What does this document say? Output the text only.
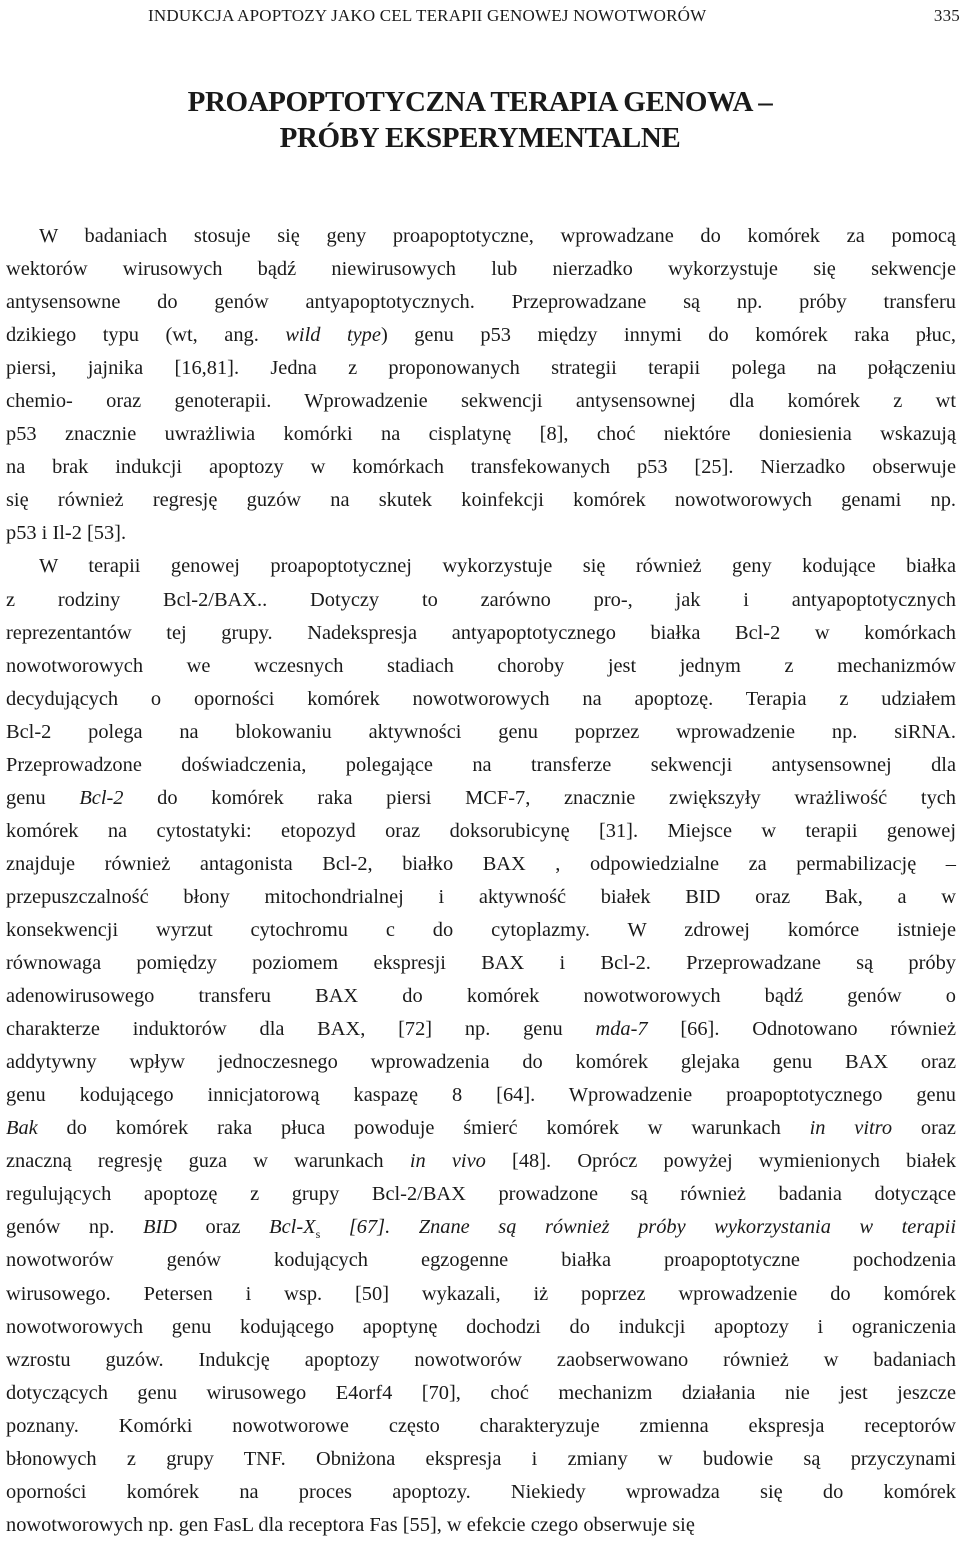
INDUKCJA APOPTOZY JAKO CEL TERAPII GENOWEJ NOWOTWORÓW	335
PROAPOPTOTYCZNA TERAPIA GENOWA –
PRÓBY EKSPERYMENTALNE
W badaniach stosuje się geny proapoptotyczne, wprowadzane do komórek za pomocą
wektorów wirusowych bądź niewirusowych lub nierzadko wykorzystuje się sekwencje
antysensowne do genów antyapoptotycznych. Przeprowadzane są np. próby transferu
dzikiego typu (wt, ang. wild type) genu p53 między innymi do komórek raka płuc,
piersi, jajnika [16,81]. Jedna z proponowanych strategii terapii polega na połączeniu
chemio- oraz genoterapii. Wprowadzenie sekwencji antysensownej dla komórek z wt
p53 znacznie uwrażliwia komórki na cisplatynę [8], choć niektóre doniesienia wskazują
na brak indukcji apoptozy w komórkach transfekowanych p53 [25]. Nierzadko obserwuje
się również regresję guzów na skutek koinfekcji komórek nowotworowych genami np.
p53 i Il-2 [53].
W terapii genowej proapoptotycznej wykorzystuje się również geny kodujące białka
z rodziny Bcl-2/BAX.. Dotyczy to zarówno pro-, jak i antyapoptotycznych
reprezentantów tej grupy. Nadekspresja antyapoptotycznego białka Bcl-2 w komórkach
nowotworowych we wczesnych stadiach choroby jest jednym z mechanizmów
decydujących o oporności komórek nowotworowych na apoptozę. Terapia z udziałem
Bcl-2 polega na blokowaniu aktywności genu poprzez wprowadzenie np. siRNA.
Przeprowadzone doświadczenia, polegające na transferze sekwencji antysensownej dla
genu Bcl-2 do komórek raka piersi MCF-7, znacznie zwiększyły wrażliwość tych
komórek na cytostatyki: etopozyd oraz doksorubicynę [31]. Miejsce w terapii genowej
znajduje również antagonista Bcl-2, białko BAX , odpowiedzialne za permabilizację –
przepuszczalność błony mitochondrialnej i aktywność białek BID oraz Bak, a w
konsekwencji wyrzut cytochromu c do cytoplazmy. W zdrowej komórce istnieje
równowaga pomiędzy poziomem ekspresji BAX i Bcl-2. Przeprowadzane są próby
adenowirusowego transferu BAX do komórek nowotworowych bądź genów o
charakterze induktorów dla BAX, [72] np. genu mda-7 [66]. Odnotowano również
addytywny wpływ jednoczesnego wprowadzenia do komórek glejaka genu BAX oraz
genu kodującego innicjatorową kaspazę 8 [64]. Wprowadzenie proapoptotycznego genu
Bak do komórek raka płuca powoduje śmierć komórek w warunkach in vitro oraz
znaczną regresję guza w warunkach in vivo [48]. Oprócz powyżej wymienionych białek
regulujących apoptozę z grupy Bcl-2/BAX prowadzone są również badania dotyczące
genów np. BID oraz Bcl-$X_s$ [67]. Znane są również próby wykorzystania w terapii
nowotworów genów kodujących egzogenne białka proapoptotyczne pochodzenia
wirusowego. Petersen i wsp. [50] wykazali, iż poprzez wprowadzenie do komórek
nowotworowych genu kodującego apoptynę dochodzi do indukcji apoptozy i ograniczenia
wzrostu guzów. Indukcję apoptozy nowotworów zaobserwowano również w badaniach
dotyczących genu wirusowego E4orf4 [70], choć mechanizm działania nie jest jeszcze
poznany. Komórki nowotworowe często charakteryzuje zmienna ekspresja receptorów
błonowych z grupy TNF. Obniżona ekspresja i zmiany w budowie są przyczynami
oporności komórek na proces apoptozy. Niekiedy wprowadza się do komórek
nowotworowych np. gen FasL dla receptora Fas [55], w efekcie czego obserwuje się
